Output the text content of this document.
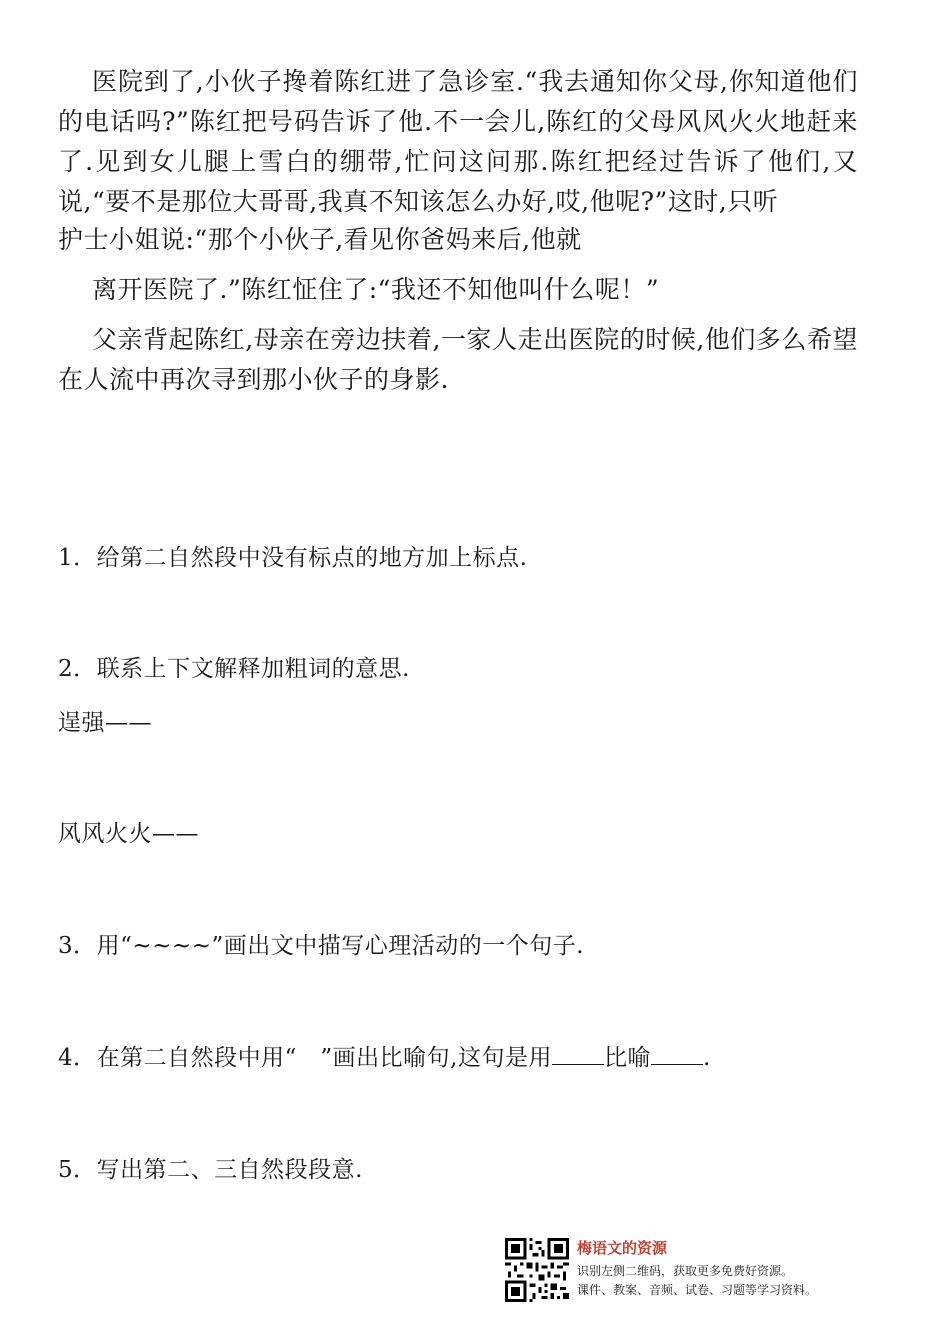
医院到了,小伙子搀着陈红进了急诊室.“我去通知你父母,你知道他们的电话吗?”陈红把号码告诉了他.不一会儿,陈红的父母风风火火地赶来了.见到女儿腿上雪白的绷带,忙问这问那.陈红把经过告诉了他们,又说,“要不是那位大哥哥,我真不知该怎么办好,哎,他呢?”这时,只听

护士小姐说:“那个小伙子,看见你爸妈来后,他就

离开医院了.”陈红怔住了:“我还不知他叫什么呢！”

父亲背起陈红,母亲在旁边扶着,一家人走出医院的时候,他们多么希望在人流中再次寻到那小伙子的身影.

1．给第二自然段中没有标点的地方加上标点.
2．联系上下文解释加粗词的意思.
逞强——
风风火火——
3．用“~~~~”画出文中描写心理活动的一个句子.
4．在第二自然段中用“　”画出比喻句,这句是用 比喻 .
5．写出第二、三自然段段意.
梅语文的资源
识别左侧二维码，获取更多免费好资源。
课件、教案、音频、试卷、习题等学习资料。
